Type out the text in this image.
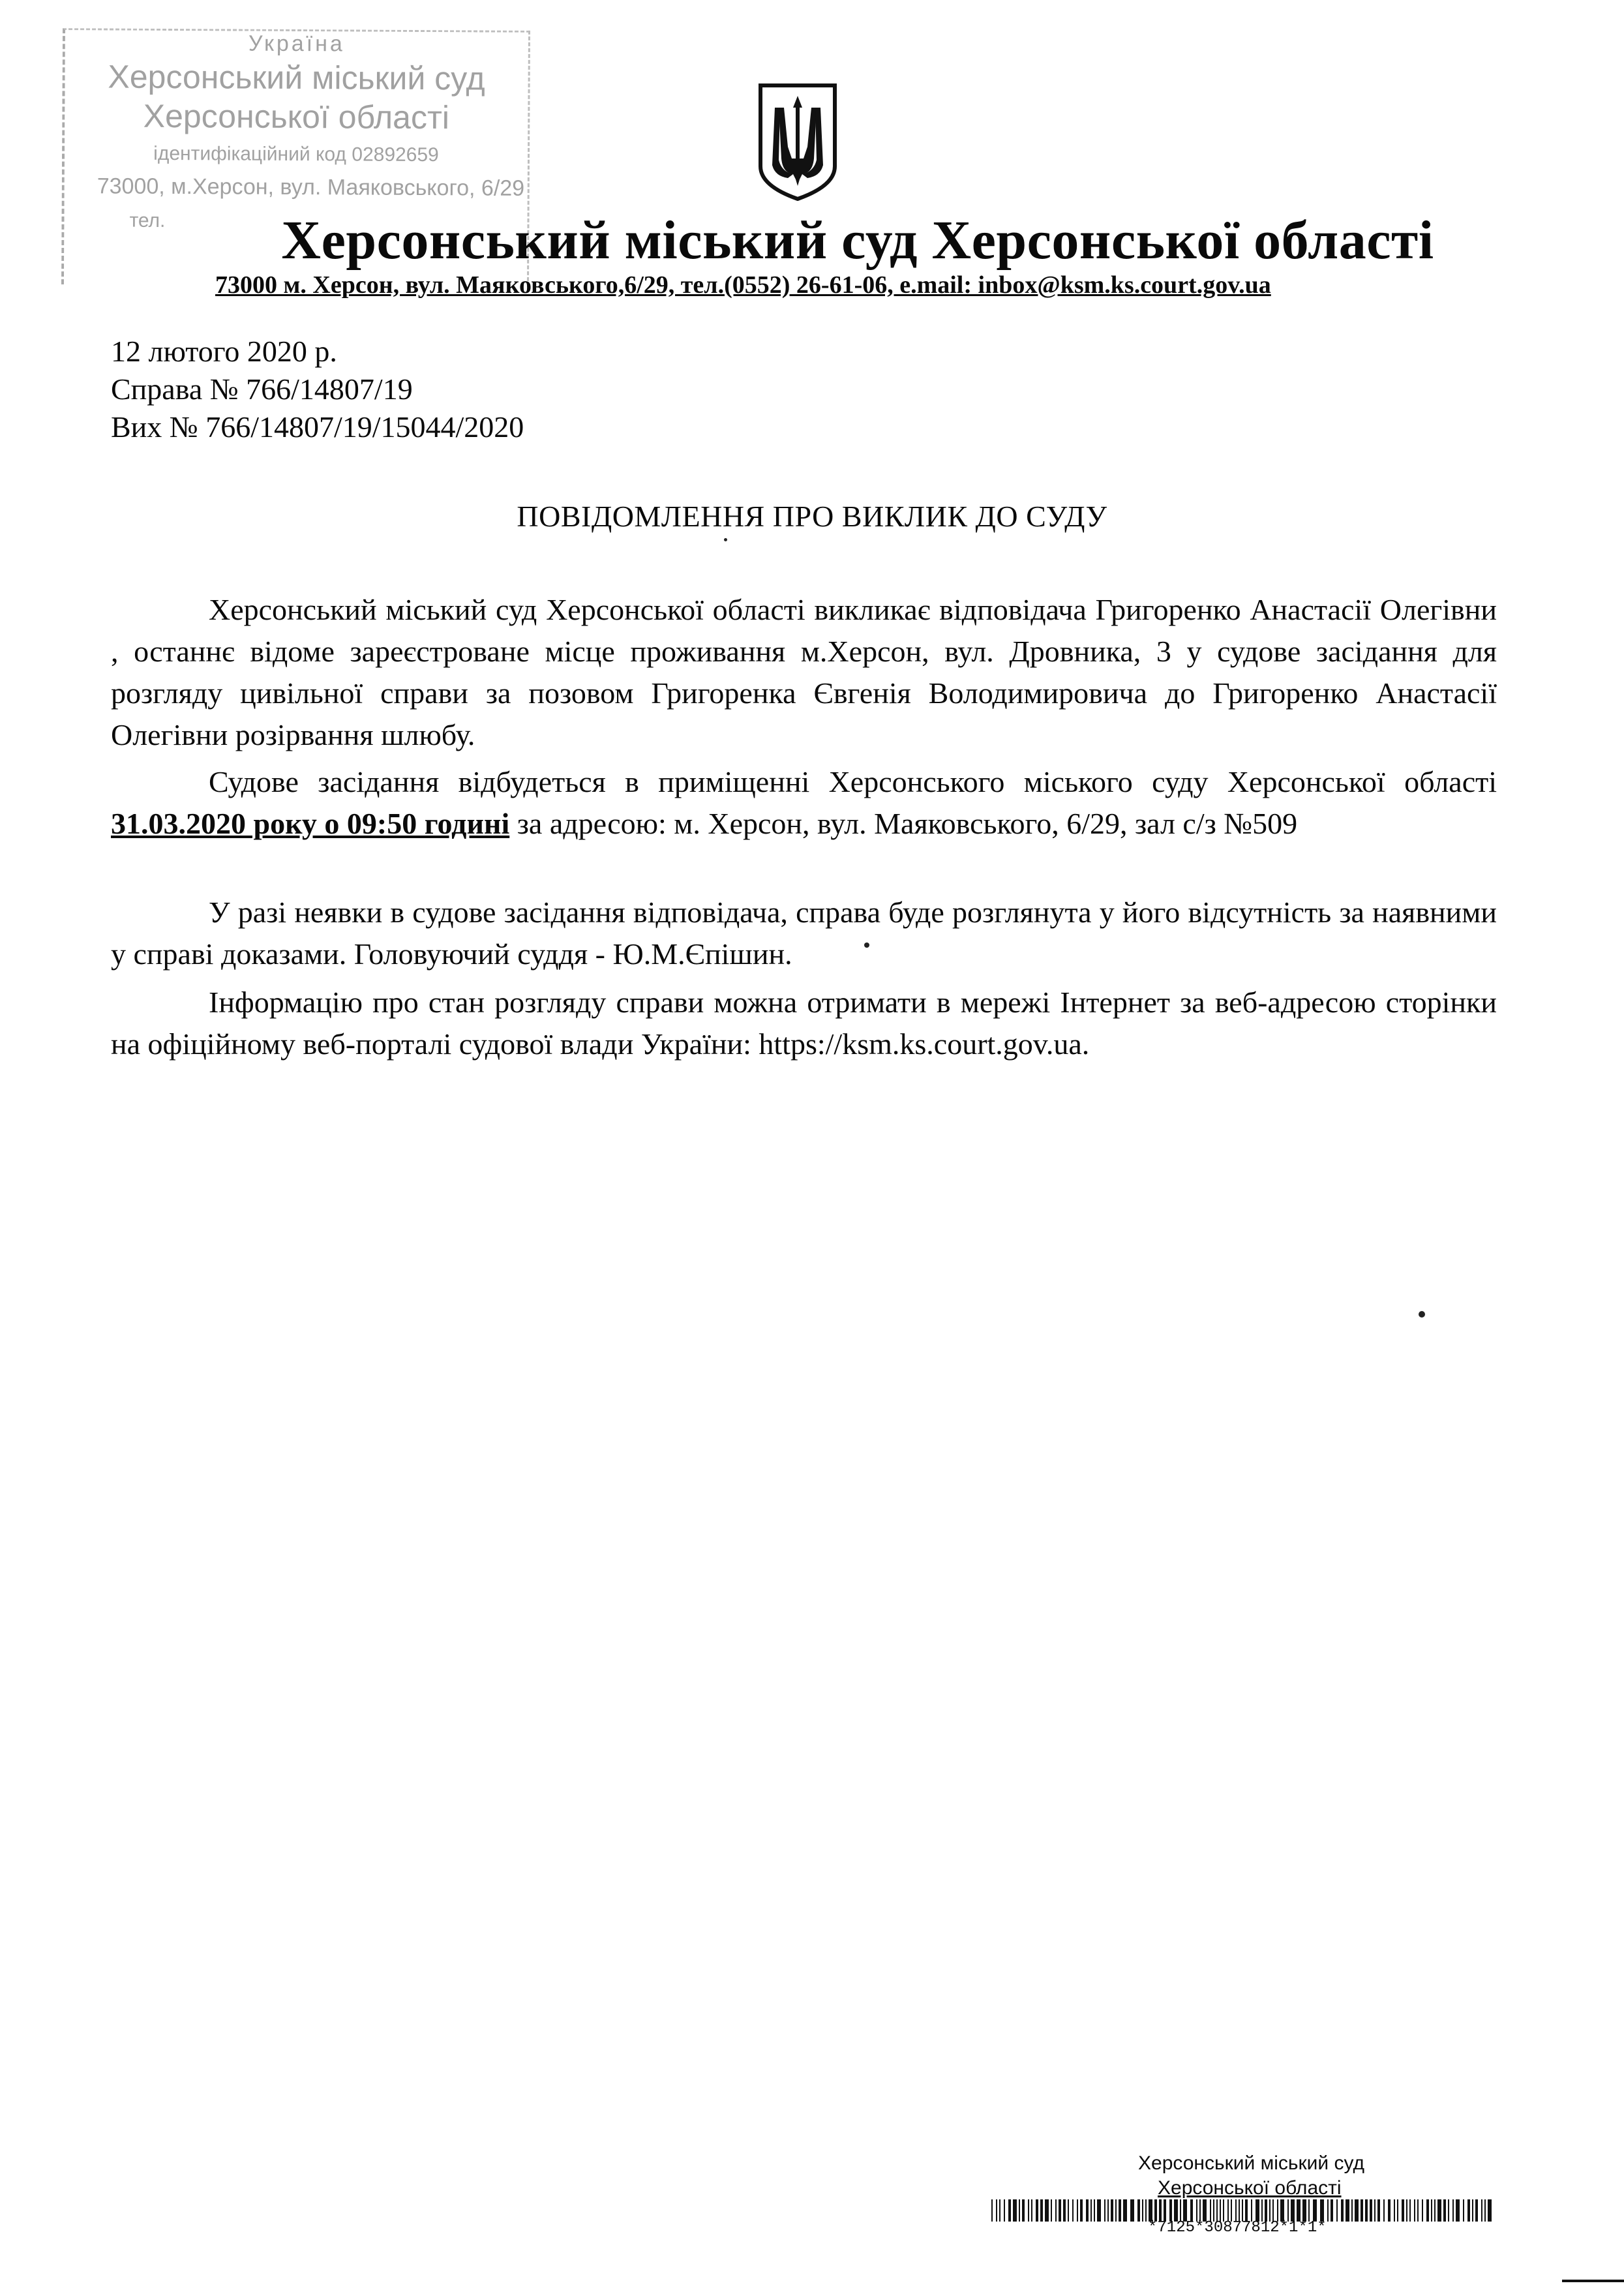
Україна
Херсонський міський суд
Херсонської області
ідентифікаційний код 02892659
73000, м.Херсон, вул. Маяковського, 6/29
тел.	Херсонський міський суд Херсонської області
73000 м. Херсон, вул. Маяковського,6/29, тел.(0552) 26-61-06, e.mail: inbox@ksm.ks.court.gov.ua
12 лютого 2020 р.
Справа № 766/14807/19
Вих № 766/14807/19/15044/2020
ПОВІДОМЛЕННЯ ПРО ВИКЛИК ДО СУДУ
Херсонський міський суд Херсонської області викликає відповідача Григоренко Анастасії Олегівни , останнє відоме зареєстроване місце проживання м.Херсон, вул. Дровника, 3 у судове засідання для розгляду цивільної справи за позовом Григоренка Євгенія Володимировича до Григоренко Анастасії Олегівни розірвання шлюбу.
Судове засідання відбудеться в приміщенні Херсонського міського суду Херсонської області 31.03.2020 року о 09:50 годині за адресою: м. Херсон, вул. Маяковського, 6/29, зал с/з №509
У разі неявки в судове засідання відповідача, справа буде розглянута у його відсутність за наявними у справі доказами. Головуючий суддя - Ю.М.Єпішин.
Інформацію про стан розгляду справи можна отримати в мережі Інтернет за веб-адресою сторінки на офіційному веб-порталі судової влади України: https://ksm.ks.court.gov.ua.
Херсонський міський суд
Херсонської області
*7125*30877812*1*1*
